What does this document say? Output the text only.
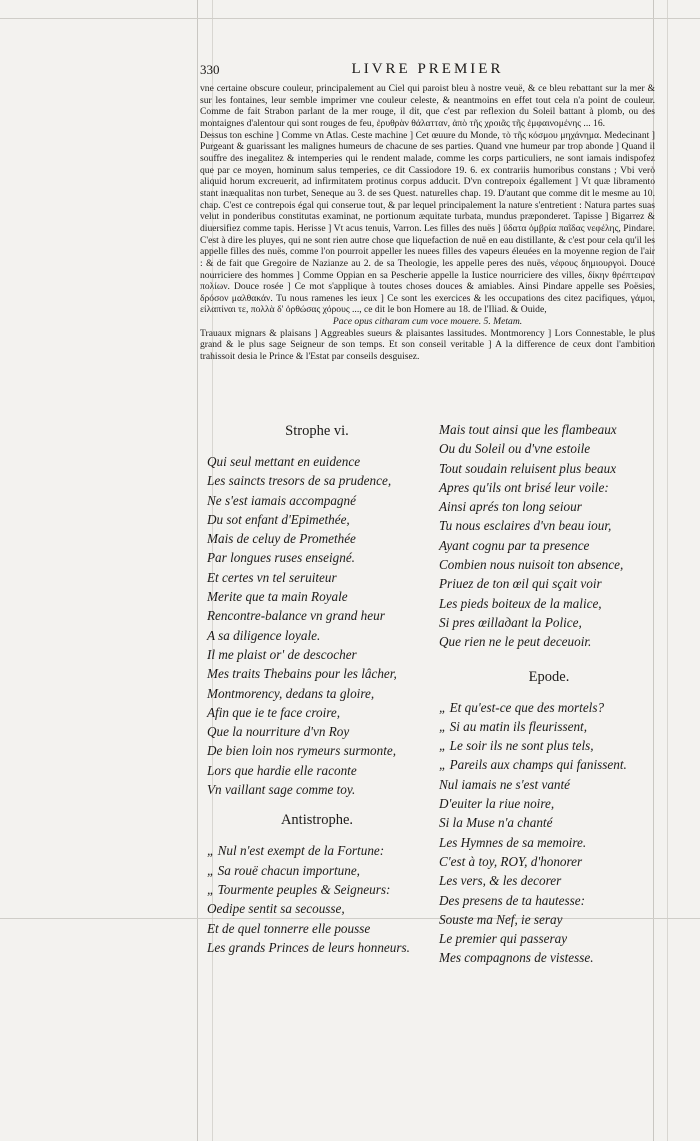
330	LIVRE PREMIER

vne certaine obscure couleur, principalement au Ciel qui paroist bleu à nostre veuë, & ce bleu rebattant sur la mer & sur les fontaines, leur semble imprimer vne couleur celeste, & neantmoins en effet tout cela n'a point de couleur. Comme de fait Strabon parlant de la mer rouge, il dit, que c'est par reflexion du Soleil battant à plomb, ou des montaignes d'alentour qui sont rouges de feu, ἐρυθρὰν θάλατταν, ἀπὸ τῆς χροιᾶς τῆς ἐμφαινομένης ... 16.

Dessus ton eschine ] Comme vn Atlas. Ceste machine ] Cet œuure du Monde, τὸ τῆς κόσμου μηχάνημα. Medecinant ] Purgeant & guarissant les malignes humeurs de chacune de ses parties. Quand vne humeur par trop abonde ] Quand il souffre des inegalitez & intemperies qui le rendent malade, comme les corps particuliers, ne sont iamais indispofez que par ce moyen, hominum salus temperies, ce dit Cassiodore 19. 6. ex contrariis humoribus constans ; Vbi verò aliquid horum excreuerit, ad infirmitatem protinus corpus adducit. D'vn contrepoix égallement ] Vt quæ libramento stant inæqualitas non turbet, Seneque au 3. de ses Quest. naturelles chap. 19. D'autant que comme dit le mesme au 10. chap. C'est ce contrepois égal qui conserue tout, & par lequel principalement la nature s'entretient : Natura partes suas velut in ponderibus constitutas examinat, ne portionum æquitate turbata, mundus præponderet. Tapisse ] Bigarrez & diuersifiez comme tapis. Herisse ] Vt acus tenuis, Varron. Les filles des nuës ] ὕδατα ὀμβρία παῖδας νεφέλης, Pindare. C'est à dire les pluyes, qui ne sont rien autre chose que liquefaction de nuë en eau distillante, & c'est pour cela qu'il les appelle filles des nuës, comme l'on pourroit appeller les nuees filles des vapeurs éleuées en la moyenne region de l'air : & de fait que Gregoire de Nazianze au 2. de sa Theologie, les appelle peres des nuës, νέφους δημιουργοὶ. Douce nourriciere des hommes ] Comme Oppian en sa Pescherie appelle la Iustice nourriciere des villes, δίκην θρέπτειραν πολίων. Douce rosée ] Ce mot s'applique à toutes choses douces & amiables. Ainsi Pindare appelle ses Poësies, δρόσον μαλθακάν. Tu nous ramenes les ieux ] Ce sont les exercices & les occupations des citez pacifiques, γάμοι, εἰλαπίναι τε, πολλὰ δ' ὀρθώσας χόρους ..., ce dit le bon Homere au 18. de l'Iliad. & Ouide,

Pace opus citharam cum voce mouere. 5. Metam.

Trauaux mignars & plaisans ] Aggreables sueurs & plaisantes lassitudes. Montmorency ] Lors Connestable, le plus grand & le plus sage Seigneur de son temps. Et son conseil veritable ] A la difference de ceux dont l'ambition trahissoit desia le Prince & l'Estat par conseils desguisez.

Strophe vi.
Qui seul mettant en euidence
Les saincts tresors de sa prudence,
Ne s'est iamais accompagné
Du sot enfant d'Epimethée,
Mais de celuy de Promethée
Par longues ruses enseigné.
Et certes vn tel seruiteur
Merite que ta main Royale
Rencontre-balance vn grand heur
A sa diligence loyale.
Il me plaist or' de descocher
Mes traits Thebains pour les lâcher,
Montmorency, dedans ta gloire,
Afin que ie te face croire,
Que la nourriture d'vn Roy
De bien loin nos rymeurs surmonte,
Lors que hardie elle raconte
Vn vaillant sage comme toy.
Antistrophe.
„ Nul n'est exempt de la Fortune:
„ Sa rouë chacun importune,
„ Tourmente peuples & Seigneurs:
Oedipe sentit sa secousse,
Et de quel tonnerre elle pousse
Les grands Princes de leurs honneurs.
Mais tout ainsi que les flambeaux
Ou du Soleil ou d'vne estoile
Tout soudain reluisent plus beaux
Apres qu'ils ont brisé leur voile:
Ainsi aprés ton long seiour
Tu nous esclaires d'vn beau iour,
Ayant cognu par ta presence
Combien nous nuisoit ton absence,
Priuez de ton œil qui sçait voir
Les pieds boiteux de la malice,
Si pres œillадant la Police,
Que rien ne le peut deceuoir.
Epode.
„ Et qu'est-ce que des mortels?
„ Si au matin ils fleurissent,
„ Le soir ils ne sont plus tels,
„ Pareils aux champs qui fanissent.
Nul iamais ne s'est vanté
D'euiter la riue noire,
Si la Muse n'a chanté
Les Hymnes de sa memoire.
C'est à toy, ROY, d'honorer
Les vers, & les decorer
Des presens de ta hautesse:
Souste ma Nef, ie seray
Le premier qui passeray
Mes compagnons de vistesse.
